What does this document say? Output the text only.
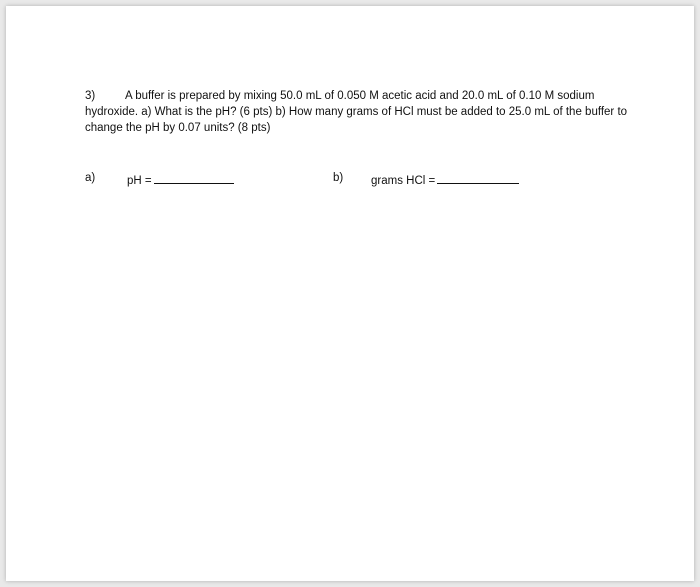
3)	A buffer is prepared by mixing 50.0 mL of 0.050 M acetic acid and 20.0 mL of 0.10 M sodium hydroxide. a) What is the pH? (6 pts) b) How many grams of HCl must be added to 25.0 mL of the buffer to change the pH by 0.07 units? (8 pts)
a)	pH =	b) grams HCl =
